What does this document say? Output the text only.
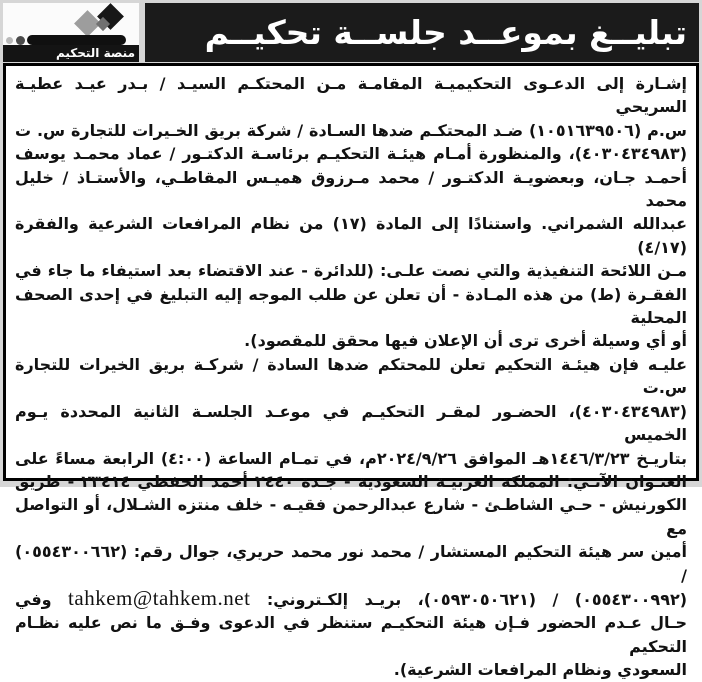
منصة التحكيم
تبليــغ بموعــد جلســة تحكيــم
إشـارة إلى الدعـوى التحكيميـة المقامـة مـن المحتكـم السيـد / بـدر عيـد عطيـة السريحي
س.م (١٠٥١٦٣٩٥٠٦) ضـد المحتكـم ضدها السـادة / شركة بريق الخـيرات للتجارة س. ت
(٤٠٣٠٤٣٤٩٨٣)، والمنظورة أمـام هيئـة التحكيـم برئاسـة الدكتـور / عماد محمـد يوسف
أحمـد جـان، وبعضويـة الدكتـور / محمد مـرزوق هميـس المقاطـي، والأستـاذ / خليل محمد
عبدالله الشمراني. واستنادًا إلى المادة (١٧) من نظام المرافعات الشرعية والفقرة (٤/١٧)
مـن اللائحة التنفيذية والتي نصت علـى: (للدائرة - عند الاقتضاء بعد استيفاء ما جاء في
الفقـرة (ط) من هذه المـادة - أن تعلن عن طلب الموجه إليه التبليغ في إحدى الصحف المحلية
أو أي وسيلة أخرى ترى أن الإعلان فيها محقق للمقصود).
عليـه فإن هيئـة التحكيم تعلن للمحتكم ضدها السادة / شركـة بريق الخيرات للتجارة س.ت
(٤٠٣٠٤٣٤٩٨٣)، الحضـور لمقـر التحكيـم في موعـد الجلسـة الثانية المحددة يـوم الخميس
بتاريـخ ١٤٤٦/٣/٢٣هـ الموافق ٢٠٢٤/٩/٢٦م، في تمـام الساعة (٤:٠٠) الرابعة مساءً على
العنـوان الآتـي: المملكة العربيـة السعودية - جـدة ٢٤٤٠ أحمد الحفظي ٢٣٤١٤ - طريق
الكورنيش - حـي الشاطـئ - شارع عبدالرحمن فقيـه - خلف منتزه الشـلال، أو التواصل مع
أمين سر هيئة التحكيم المستشار / محمد نور محمد حريري، جوال رقم: (٠٥٥٤٣٠٠٦٦٢) /
(٠٥٥٤٣٠٠٩٩٢) / (٠٥٩٣٠٥٠٦٢١)، بريـد إلكـتروني: tahkem@tahkem.net وفي
حـال عـدم الحضور فـإن هيئة التحكيـم ستنظر في الدعوى وفـق ما نص عليه نظـام التحكيم
السعودي ونظام المرافعات الشرعية).
